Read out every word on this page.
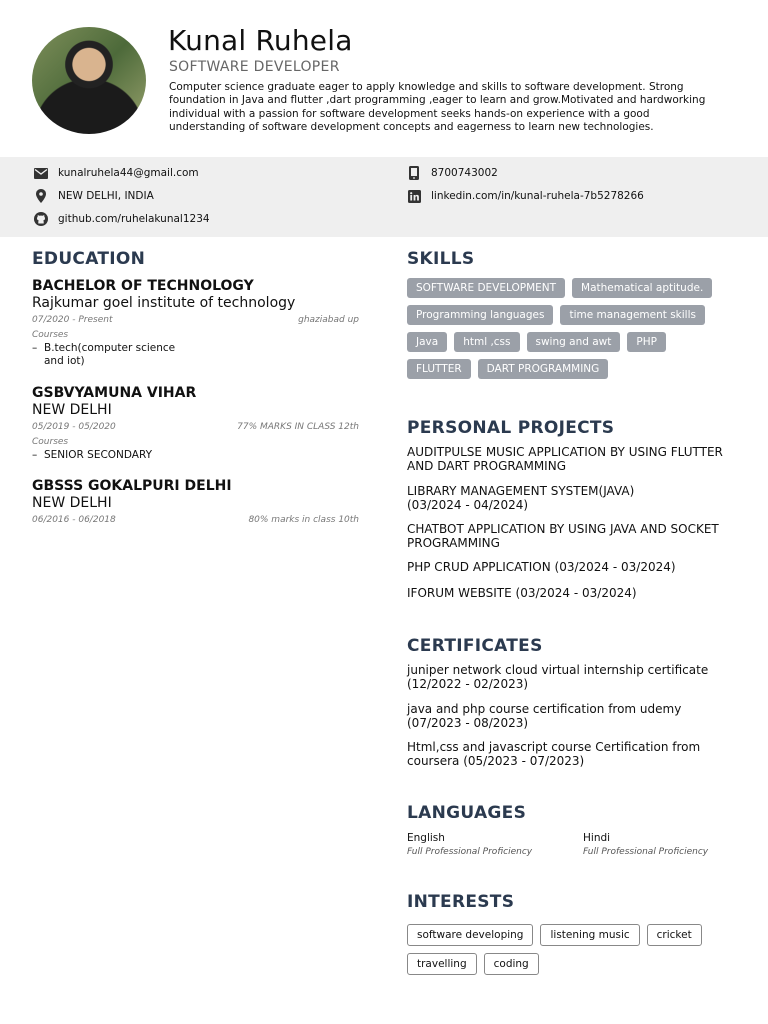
Kunal Ruhela
SOFTWARE DEVELOPER
Computer science graduate eager to apply knowledge and skills to software development. Strong foundation in Java and flutter ,dart programming ,eager to learn and grow.Motivated and hardworking individual with a passion for software development seeks hands-on experience with a good understanding of software development concepts and eagerness to learn new technologies.
kunalruhela44@gmail.com	8700743002
NEW DELHI, INDIA	linkedin.com/in/kunal-ruhela-7b5278266
github.com/ruhelakunal1234
EDUCATION
BACHELOR OF TECHNOLOGY
Rajkumar goel institute of technology
07/2020 - Present	ghaziabad up
Courses
– B.tech(computer science and iot)
GSBVYAMUNA VIHAR
NEW DELHI
05/2019 - 05/2020	77% MARKS IN CLASS 12th
Courses
– SENIOR SECONDARY
GBSSS GOKALPURI DELHI
NEW DELHI
06/2016 - 06/2018	80% marks in class 10th
SKILLS
SOFTWARE DEVELOPMENT	Mathematical aptitude.
Programming languages	time management skills
Java	html ,css	swing and awt	PHP
FLUTTER	DART PROGRAMMING
PERSONAL PROJECTS
AUDITPULSE MUSIC APPLICATION BY USING FLUTTER AND DART PROGRAMMING
LIBRARY MANAGEMENT SYSTEM(JAVA)
(03/2024 - 04/2024)
CHATBOT APPLICATION BY USING JAVA AND SOCKET PROGRAMMING
PHP CRUD APPLICATION (03/2024 - 03/2024)
IFORUM WEBSITE (03/2024 - 03/2024)
CERTIFICATES
juniper network cloud virtual internship certificate
(12/2022 - 02/2023)
java and php course certification from udemy
(07/2023 - 08/2023)
Html,css and javascript course Certification from coursera (05/2023 - 07/2023)
LANGUAGES
English
Full Professional Proficiency
Hindi
Full Professional Proficiency
INTERESTS
software developing	listening music	cricket
travelling	coding
